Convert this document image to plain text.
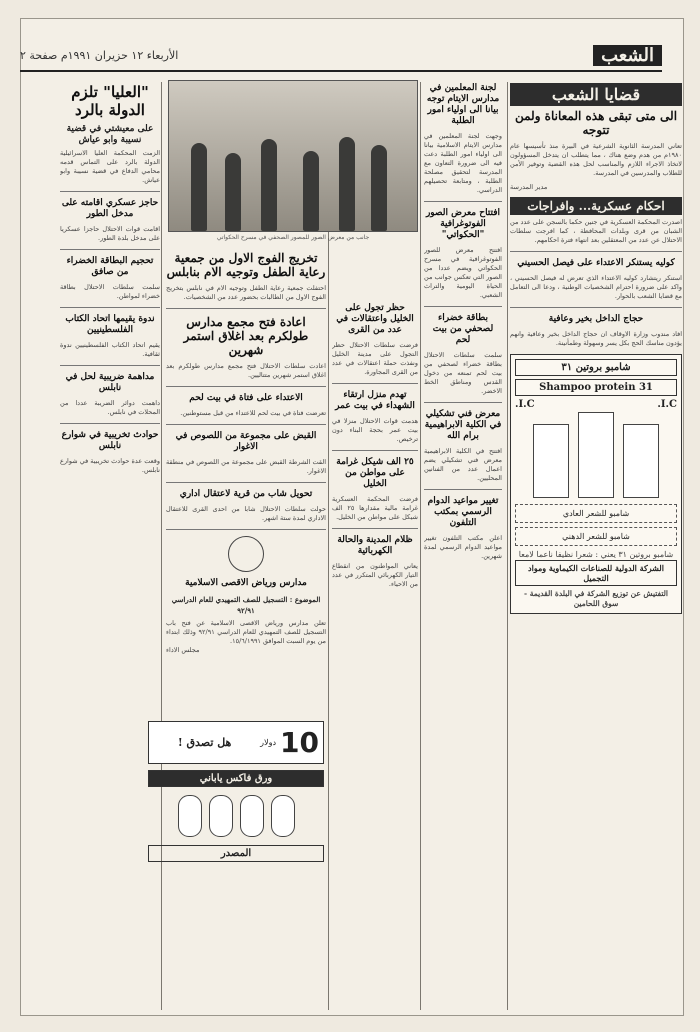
الشعب
الأربعاء ١٢ حزيران ١٩٩١م صفحة ٢
قضايا الشعب
الى متى تبقى هذه المعاناة ولمن تتوجه

تعاني المدرسة الثانوية الشرعية في البيرة منذ تأسيسها عام ١٩٨٠م من هدم وضع هناك ، مما يتطلب ان يتدخل المسؤولون لاتخاذ الاجراء اللازم والمناسب لحل هذه القضية وتوفير الأمن للطلاب والمدرسين في المدرسة.

مدير المدرسة

احكام عسكرية... وافراجات
اصدرت المحكمة العسكرية في جنين حكما بالسجن على عدد من الشبان من قرى وبلدات المحافظة ، كما افرجت سلطات الاحتلال عن عدد من المعتقلين بعد انتهاء فترة احكامهم.
كوليه يستنكر الاعتداء على فيصل الحسيني
استنكر ريتشارد كوليه الاعتداء الذي تعرض له فيصل الحسيني ، واكد على ضرورة احترام الشخصيات الوطنية ، ودعا الى التعامل مع قضايا الشعب بالحوار.
حجاج الداخل بخير وعافية
افاد مندوب وزارة الاوقاف ان حجاج الداخل بخير وعافية وانهم يؤدون مناسك الحج بكل يسر وسهولة وطمأنينة.
شامبو بروتين ٣١
Shampoo protein 31
I.C.
I.C.

شامبو للشعر العادي
شامبو للشعر الدهني
شامبو بروتين ٣١ يعني : شعرا نظيفا ناعما لامعا
الشركة الدولية للصناعات الكيماوية ومواد التجميل
التفتيش عن توزيع الشركة في البلدة القديمة - سوق اللحامين
لجنة المعلمين في مدارس الايتام توجه بيانا الى اولياء امور الطلبة
وجهت لجنة المعلمين في مدارس الايتام الاسلامية بيانا الى اولياء امور الطلبة دعت فيه الى ضرورة التعاون مع المدرسة لتحقيق مصلحة الطلبة ، ومتابعة تحصيلهم الدراسي.
افتتاح معرض الصور الفوتوغرافية "الحكواتي"
افتتح معرض للصور الفوتوغرافية في مسرح الحكواتي ويضم عددا من الصور التي تعكس جوانب من الحياة اليومية والتراث الشعبي.
بطاقة خضراء لصحفي من بيت لحم
سلمت سلطات الاحتلال بطاقة خضراء لصحفي من بيت لحم تمنعه من دخول القدس ومناطق الخط الاخضر.
معرض فني تشكيلي في الكلية الابراهيمية برام الله
افتتح في الكلية الابراهيمية معرض فني تشكيلي يضم اعمال عدد من الفنانين المحليين.
تغيير مواعيد الدوام الرسمي بمكتب التلفون
اعلن مكتب التلفون تغيير مواعيد الدوام الرسمي لمدة شهرين.
حظر تجول على الخليل واعتقالات في عدد من القرى
فرضت سلطات الاحتلال حظر التجول على مدينة الخليل ونفذت حملة اعتقالات في عدد من القرى المجاورة.
تهدم منزل ارتقاء الشهداء في بيت عمر
هدمت قوات الاحتلال منزلا في بيت عمر بحجة البناء دون ترخيص.
٢٥ الف شيكل غرامة على مواطن من الخليل
فرضت المحكمة العسكرية غرامة مالية مقدارها ٢٥ الف شيكل على مواطن من الخليل.
ظلام المدينة والحالة الكهربائية
يعاني المواطنون من انقطاع التيار الكهربائي المتكرر في عدد من الاحياء.
جانب من معرض الصور للمصور الصحفي في مسرح الحكواتي
تخريج الفوج الاول من جمعية رعاية الطفل وتوجيه الام بنابلس
احتفلت جمعية رعاية الطفل وتوجيه الام في نابلس بتخريج الفوج الاول من الطالبات بحضور عدد من الشخصيات.
اعادة فتح مجمع مدارس طولكرم بعد اغلاق استمر شهرين
اعادت سلطات الاحتلال فتح مجمع مدارس طولكرم بعد اغلاق استمر شهرين متتاليين.
الاعتداء على فتاة في بيت لحم
تعرضت فتاة في بيت لحم للاعتداء من قبل مستوطنين.
القبض على مجموعة من اللصوص في الاغوار
القت الشرطة القبض على مجموعة من اللصوص في منطقة الاغوار.
تحويل شاب من قرية لاعتقال اداري
حولت سلطات الاحتلال شابا من احدى القرى للاعتقال الاداري لمدة ستة اشهر.
مدارس ورياض الاقصى الاسلامية
الموضوع : التسجيل للصف التمهيدي للعام الدراسي ٩٢/٩١
تعلن مدارس ورياض الاقصى الاسلامية عن فتح باب التسجيل للصف التمهيدي للعام الدراسي ٩٢/٩١ وذلك ابتداء من يوم السبت الموافق ١٥/٦/١٩٩١.
مجلس الاداء
"العليا" تلزم الدولة بالرد
على معيشتي في قضية نسيبة وابو عياش
الزمت المحكمة العليا الاسرائيلية الدولة بالرد على التماس قدمه محامي الدفاع في قضية نسيبة وابو عياش.
حاجز عسكري اقامته على مدخل الطور
اقامت قوات الاحتلال حاجزا عسكريا على مدخل بلدة الطور.
تحجيم البطاقة الخضراء من صافق
سلمت سلطات الاحتلال بطاقة خضراء لمواطن.
ندوة يقيمها اتحاد الكتاب الفلسطينيين
يقيم اتحاد الكتاب الفلسطينيين ندوة ثقافية.
مداهمة ضريبية لحل في نابلس
داهمت دوائر الضريبة عددا من المحلات في نابلس.
حوادث تخريبية في شوارع نابلس
وقعت عدة حوادث تخريبية في شوارع نابلس.
10
دولار
هل تصدق !
ورق فاكس ياباني
المصدر
